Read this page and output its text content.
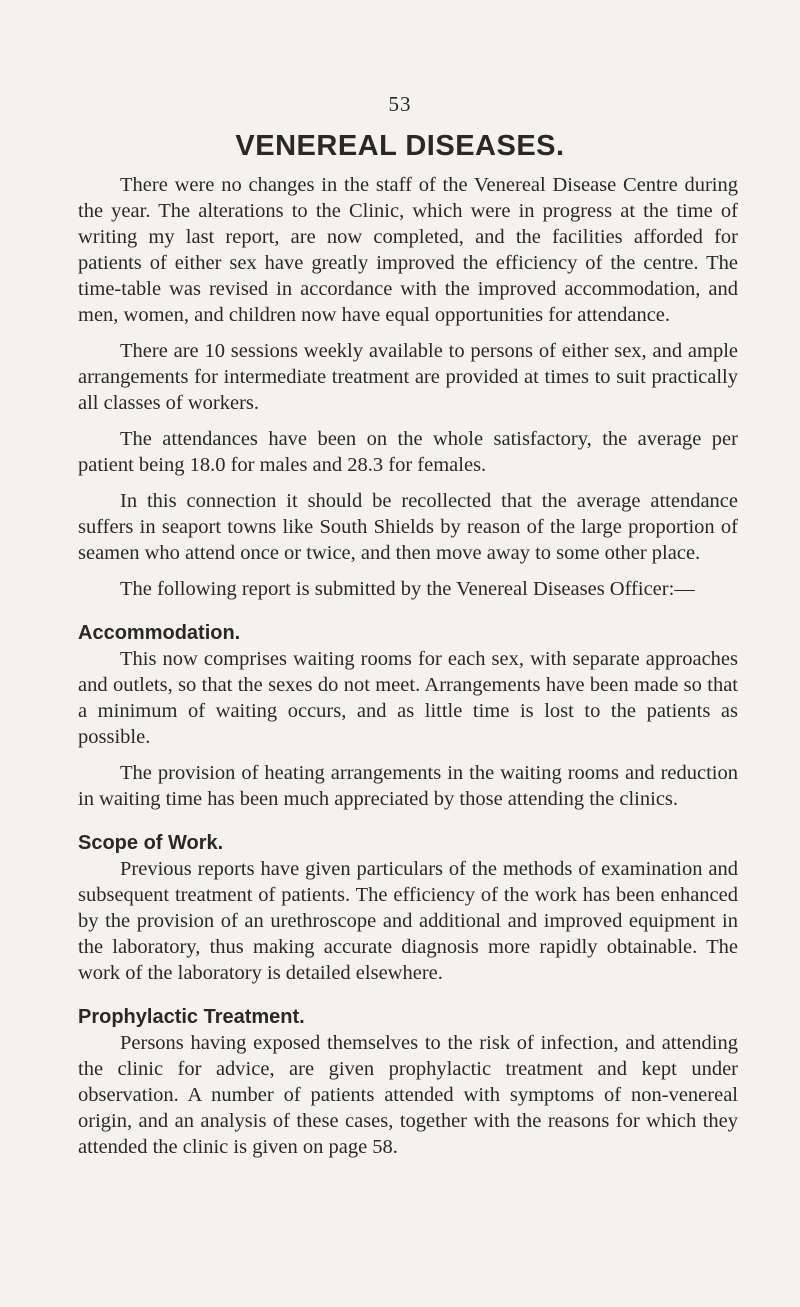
53
VENEREAL DISEASES.

There were no changes in the staff of the Venereal Disease Centre during the year. The alterations to the Clinic, which were in progress at the time of writing my last report, are now completed, and the facilities afforded for patients of either sex have greatly improved the efficiency of the centre. The time-table was revised in accordance with the improved accommodation, and men, women, and children now have equal opportunities for attendance.

There are 10 sessions weekly available to persons of either sex, and ample arrangements for intermediate treatment are provided at times to suit practically all classes of workers.

The attendances have been on the whole satisfactory, the average per patient being 18.0 for males and 28.3 for females.

In this connection it should be recollected that the average attendance suffers in seaport towns like South Shields by reason of the large proportion of seamen who attend once or twice, and then move away to some other place.

The following report is submitted by the Venereal Diseases Officer:—

Accommodation.

This now comprises waiting rooms for each sex, with separate approaches and outlets, so that the sexes do not meet. Arrangements have been made so that a minimum of waiting occurs, and as little time is lost to the patients as possible.

The provision of heating arrangements in the waiting rooms and reduction in waiting time has been much appreciated by those attending the clinics.

Scope of Work.

Previous reports have given particulars of the methods of examination and subsequent treatment of patients. The efficiency of the work has been enhanced by the provision of an urethroscope and additional and improved equipment in the laboratory, thus making accurate diagnosis more rapidly obtainable. The work of the laboratory is detailed elsewhere.

Prophylactic Treatment.

Persons having exposed themselves to the risk of infection, and attending the clinic for advice, are given prophylactic treatment and kept under observation. A number of patients attended with symptoms of non-venereal origin, and an analysis of these cases, together with the reasons for which they attended the clinic is given on page 58.
